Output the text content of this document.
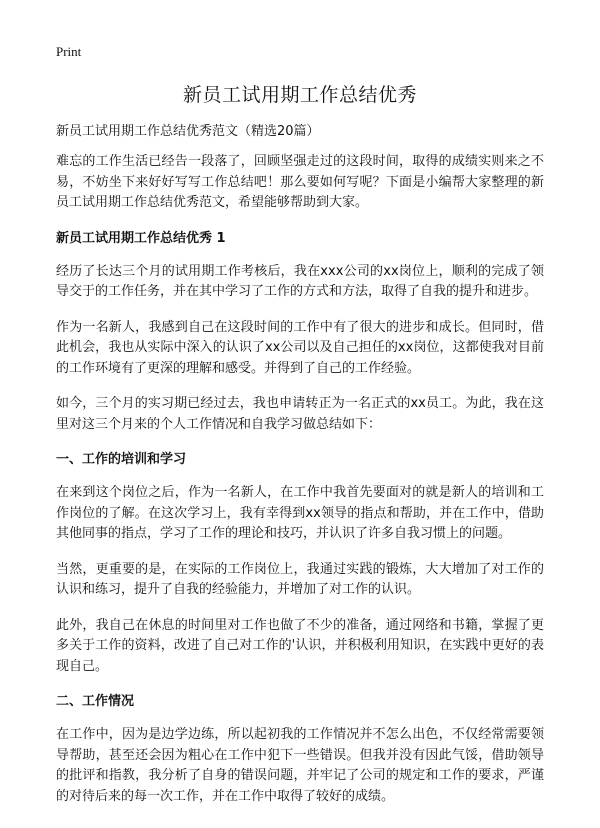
Print
新员工试用期工作总结优秀

新员工试用期工作总结优秀范文（精选20篇）

难忘的工作生活已经告一段落了，回顾坚强走过的这段时间，取得的成绩实则来之不易，不妨坐下来好好写写工作总结吧！那么要如何写呢？下面是小编帮大家整理的新员工试用期工作总结优秀范文，希望能够帮助到大家。

新员工试用期工作总结优秀 1

经历了长达三个月的试用期工作考核后，我在xxx公司的xx岗位上，顺利的完成了领导交于的工作任务，并在其中学习了工作的方式和方法，取得了自我的提升和进步。

作为一名新人，我感到自己在这段时间的工作中有了很大的进步和成长。但同时，借此机会，我也从实际中深入的认识了xx公司以及自己担任的xx岗位，这都使我对目前的工作环境有了更深的理解和感受。并得到了自己的工作经验。

如今，三个月的实习期已经过去，我也申请转正为一名正式的xx员工。为此，我在这里对这三个月来的个人工作情况和自我学习做总结如下：

一、工作的培训和学习

在来到这个岗位之后，作为一名新人，在工作中我首先要面对的就是新人的培训和工作岗位的了解。在这次学习上，我有幸得到xx领导的指点和帮助，并在工作中，借助其他同事的指点，学习了工作的理论和技巧，并认识了许多自我习惯上的问题。

当然，更重要的是，在实际的工作岗位上，我通过实践的锻炼，大大增加了对工作的认识和练习，提升了自我的经验能力，并增加了对工作的认识。

此外，我自己在休息的时间里对工作也做了不少的准备，通过网络和书籍，掌握了更多关于工作的资料，改进了自己对工作的'认识，并积极利用知识，在实践中更好的表现自己。

二、工作情况

在工作中，因为是边学边练，所以起初我的工作情况并不怎么出色，不仅经常需要领导帮助，甚至还会因为粗心在工作中犯下一些错误。但我并没有因此气馁，借助领导的批评和指教，我分析了自身的错误问题，并牢记了公司的规定和工作的要求，严谨的对待后来的每一次工作，并在工作中取得了较好的成绩。
